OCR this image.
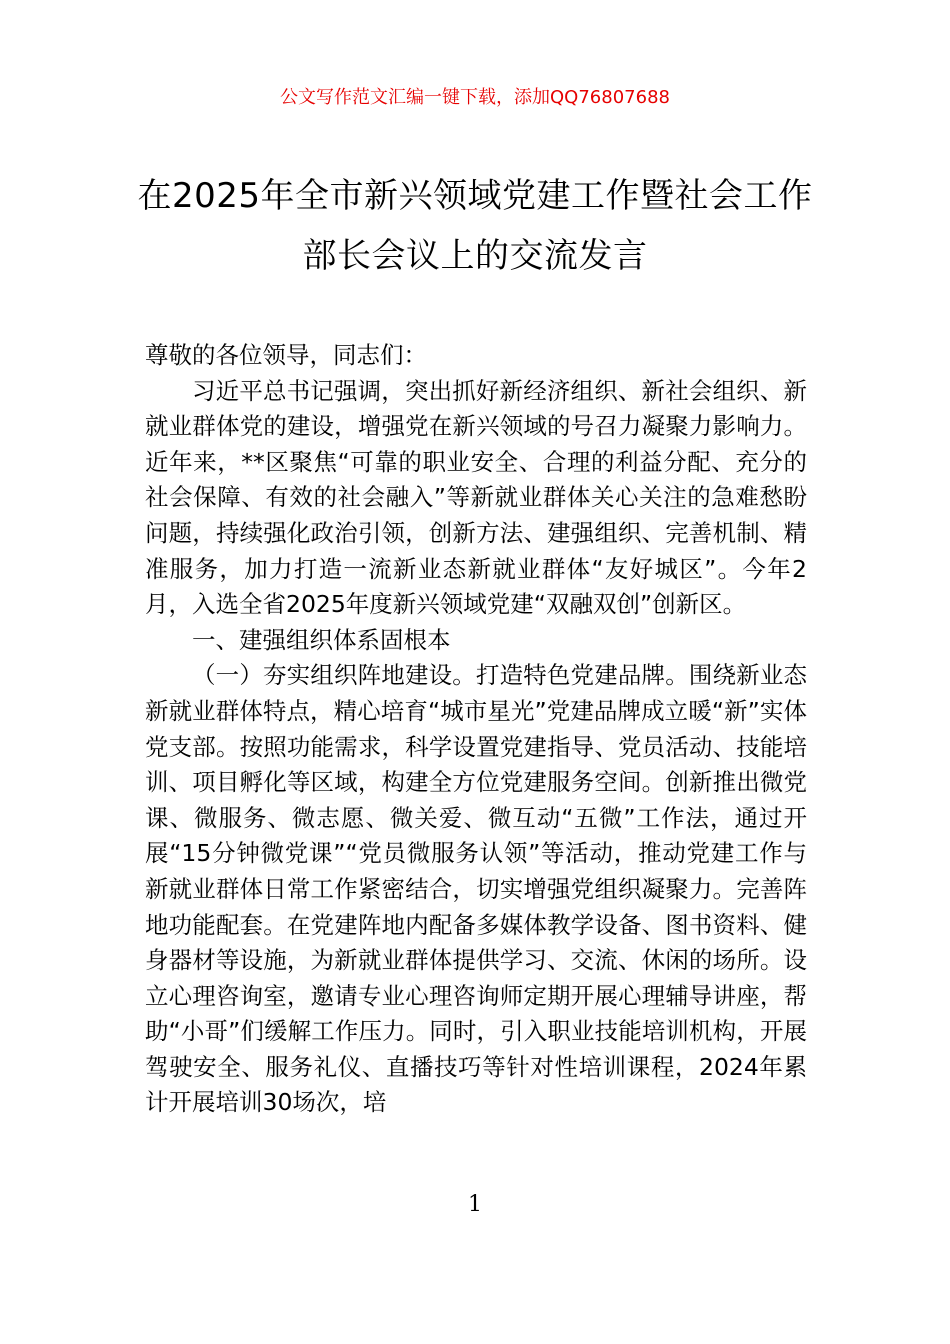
公文写作范文汇编一键下载，添加QQ76807688
在2025年全市新兴领域党建工作暨社会工作部长会议上的交流发言

尊敬的各位领导，同志们：

习近平总书记强调，突出抓好新经济组织、新社会组织、新就业群体党的建设，增强党在新兴领域的号召力凝聚力影响力。近年来，**区聚焦“可靠的职业安全、合理的利益分配、充分的社会保障、有效的社会融入”等新就业群体关心关注的急难愁盼问题，持续强化政治引领，创新方法、建强组织、完善机制、精准服务，加力打造一流新业态新就业群体“友好城区”。今年2月，入选全省2025年度新兴领域党建“双融双创”创新区。

一、建强组织体系固根本

（一）夯实组织阵地建设。打造特色党建品牌。围绕新业态新就业群体特点，精心培育“城市星光”党建品牌成立暖“新”实体党支部。按照功能需求，科学设置党建指导、党员活动、技能培训、项目孵化等区域，构建全方位党建服务空间。创新推出微党课、微服务、微志愿、微关爱、微互动“五微”工作法，通过开展“15分钟微党课”“党员微服务认领”等活动，推动党建工作与新就业群体日常工作紧密结合，切实增强党组织凝聚力。完善阵地功能配套。在党建阵地内配备多媒体教学设备、图书资料、健身器材等设施，为新就业群体提供学习、交流、休闲的场所。设立心理咨询室，邀请专业心理咨询师定期开展心理辅导讲座，帮助“小哥”们缓解工作压力。同时，引入职业技能培训机构，开展驾驶安全、服务礼仪、直播技巧等针对性培训课程，2024年累计开展培训30场次，培

1
